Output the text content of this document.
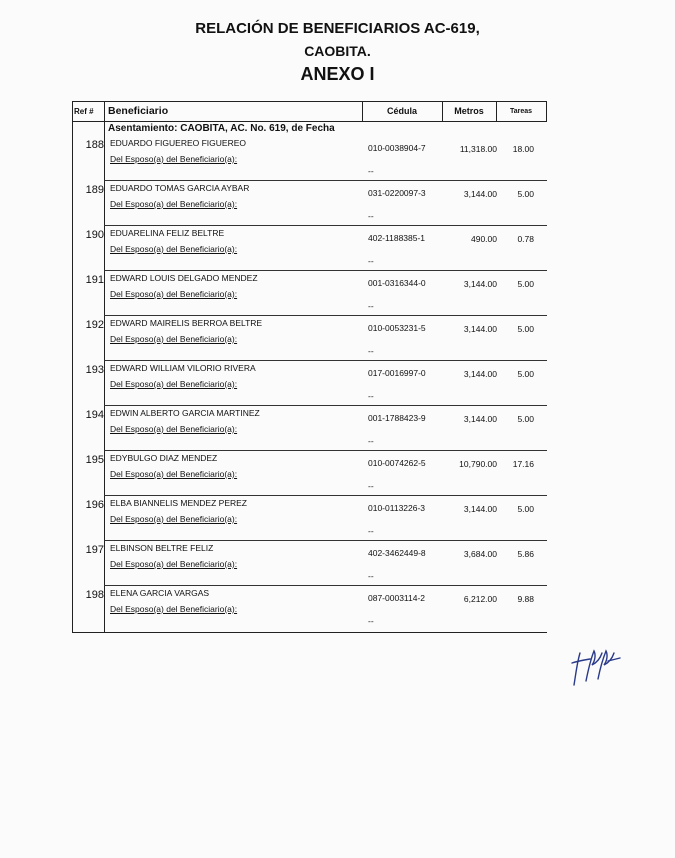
RELACIÓN DE BENEFICIARIOS AC-619,
CAOBITA.
ANEXO I
Ref #	Beneficiario	Cédula	Metros	Tareas
Asentamiento: CAOBITA, AC. No. 619, de Fecha
188 EDUARDO FIGUEREO FIGUEREO
Del Esposo(a) del Beneficiario(a):
010-0038904-7	11,318.00	18.00
--
189 EDUARDO TOMAS GARCIA AYBAR
Del Esposo(a) del Beneficiario(a):
031-0220097-3	3,144.00	5.00
--
190 EDUARELINA FELIZ BELTRE
Del Esposo(a) del Beneficiario(a):
402-1188385-1	490.00	0.78
--
191 EDWARD LOUIS DELGADO MENDEZ
Del Esposo(a) del Beneficiario(a):
001-0316344-0	3,144.00	5.00
--
192 EDWARD MAIRELIS BERROA BELTRE
Del Esposo(a) del Beneficiario(a):
010-0053231-5	3,144.00	5.00
--
193 EDWARD WILLIAM VILORIO RIVERA
Del Esposo(a) del Beneficiario(a):
017-0016997-0	3,144.00	5.00
--
194 EDWIN ALBERTO GARCIA MARTINEZ
Del Esposo(a) del Beneficiario(a):
001-1788423-9	3,144.00	5.00
--
195 EDYBULGO DIAZ MENDEZ
Del Esposo(a) del Beneficiario(a):
010-0074262-5	10,790.00	17.16
--
196 ELBA BIANNELIS MENDEZ PEREZ
Del Esposo(a) del Beneficiario(a):
010-0113226-3	3,144.00	5.00
--
197 ELBINSON BELTRE FELIZ
Del Esposo(a) del Beneficiario(a):
402-3462449-8	3,684.00	5.86
--
198 ELENA GARCIA VARGAS
Del Esposo(a) del Beneficiario(a):
087-0003114-2	6,212.00	9.88
--
